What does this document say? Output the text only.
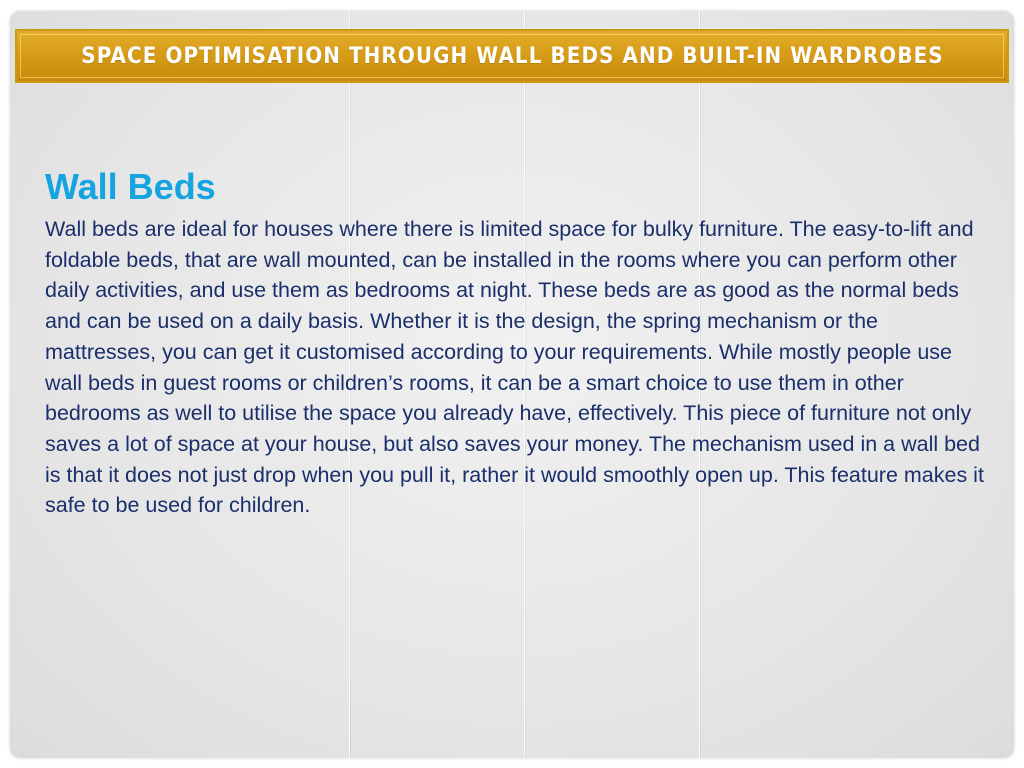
SPACE OPTIMISATION THROUGH WALL BEDS AND BUILT-IN WARDROBES
Wall Beds

Wall beds are ideal for houses where there is limited space for bulky furniture. The easy-to-lift and foldable beds, that are wall mounted, can be installed in the rooms where you can perform other daily activities, and use them as bedrooms at night. These beds are as good as the normal beds and can be used on a daily basis. Whether it is the design, the spring mechanism or the mattresses, you can get it customised according to your requirements. While mostly people use wall beds in guest rooms or children’s rooms, it can be a smart choice to use them in other bedrooms as well to utilise the space you already have, effectively. This piece of furniture not only saves a lot of space at your house, but also saves your money. The mechanism used in a wall bed is that it does not just drop when you pull it, rather it would smoothly open up. This feature makes it safe to be used for children.
